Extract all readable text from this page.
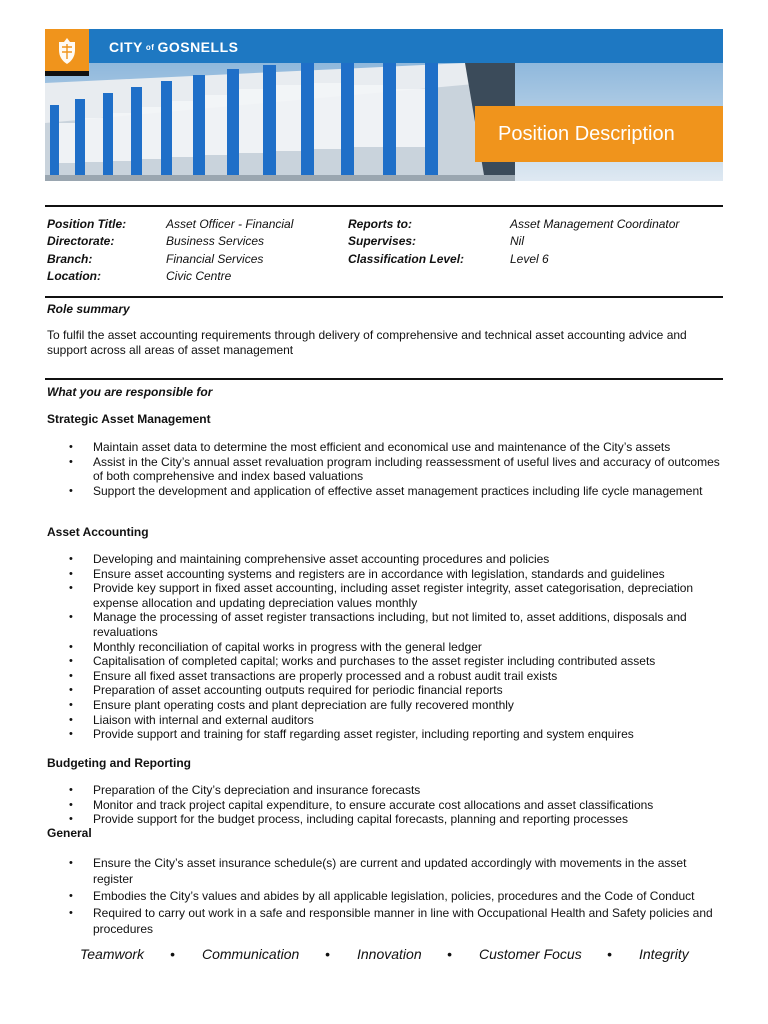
CITY of GOSNELLS
Position Description
Position Title:	Asset Officer - Financial	Reports to:	Asset Management Coordinator
Directorate:	Business Services	Supervises:	Nil
Branch:	Financial Services	Classification Level:	Level 6
Location:	Civic Centre
Role summary
To fulfil the asset accounting requirements through delivery of comprehensive and technical asset accounting advice and support across all areas of asset management
What you are responsible for
Strategic Asset Management
• Maintain asset data to determine the most efficient and economical use and maintenance of the City’s assets
• Assist in the City’s annual asset revaluation program including reassessment of useful lives and accuracy of outcomes of both comprehensive and index based valuations
• Support the development and application of effective asset management practices including life cycle management
Asset Accounting
• Developing and maintaining comprehensive asset accounting procedures and policies
• Ensure asset accounting systems and registers are in accordance with legislation, standards and guidelines
• Provide key support in fixed asset accounting, including asset register integrity, asset categorisation, depreciation expense allocation and updating depreciation values monthly
• Manage the processing of asset register transactions including, but not limited to, asset additions, disposals and revaluations
• Monthly reconciliation of capital works in progress with the general ledger
• Capitalisation of completed capital; works and purchases to the asset register including contributed assets
• Ensure all fixed asset transactions are properly processed and a robust audit trail exists
• Preparation of asset accounting outputs required for periodic financial reports
• Ensure plant operating costs and plant depreciation are fully recovered monthly
• Liaison with internal and external auditors
• Provide support and training for staff regarding asset register, including reporting and system enquires
Budgeting and Reporting
• Preparation of the City’s depreciation and insurance forecasts
• Monitor and track project capital expenditure, to ensure accurate cost allocations and asset classifications
• Provide support for the budget process, including capital forecasts, planning and reporting processes
General
• Ensure the City’s asset insurance schedule(s) are current and updated accordingly with movements in the asset register
• Embodies the City’s values and abides by all applicable legislation, policies, procedures and the Code of Conduct
• Required to carry out work in a safe and responsible manner in line with Occupational Health and Safety policies and procedures
Teamwork • Communication • Innovation • Customer Focus • Integrity
